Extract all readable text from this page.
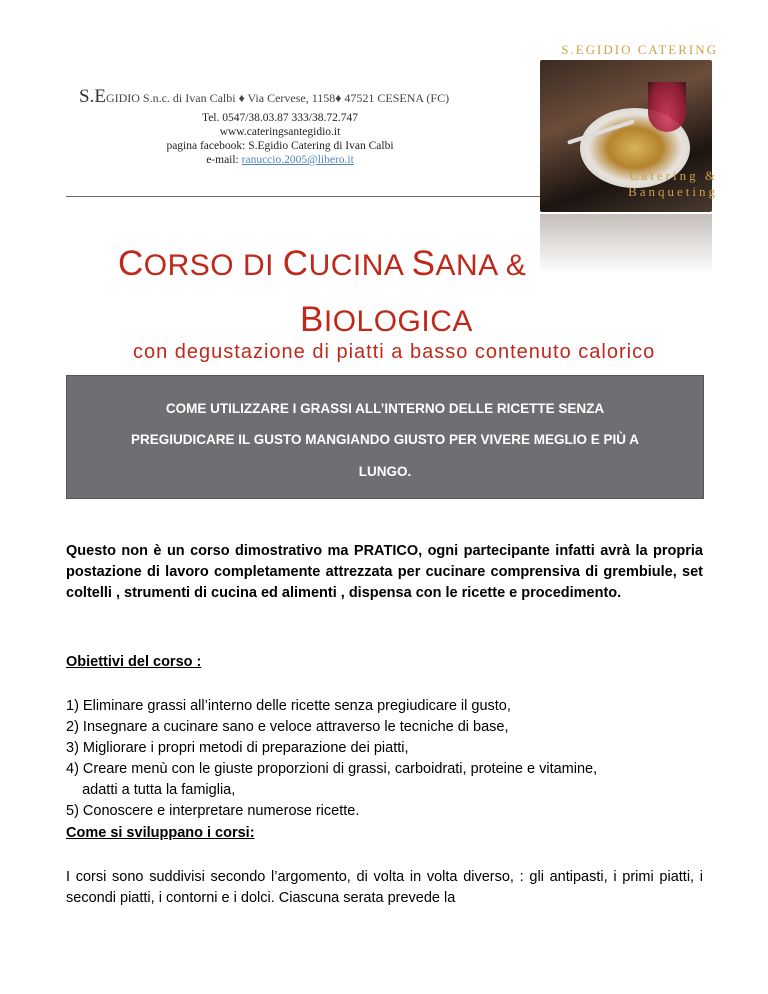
S.EGIDIO S.n.c. di Ivan Calbi ♦ Via Cervese, 1158♦ 47521 CESENA (FC)
Tel. 0547/38.03.87 333/38.72.747
www.cateringsantegidio.it
pagina facebook: S.Egidio Catering di Ivan Calbi
e-mail: ranuccio.2005@libero.it
S.EGIDIO CATERING
Catering & Banqueting
CORSO DI CUCINA SANA &
BIOLOGICA
con degustazione di piatti a basso contenuto calorico

COME UTILIZZARE I GRASSI ALL’INTERNO DELLE RICETTE SENZA

PREGIUDICARE IL GUSTO MANGIANDO GIUSTO PER VIVERE MEGLIO E PIÙ A

LUNGO.

Questo non è un corso dimostrativo ma PRATICO, ogni partecipante infatti avrà la propria postazione di lavoro completamente attrezzata per cucinare comprensiva di grembiule, set coltelli , strumenti di cucina ed alimenti , dispensa con le ricette e procedimento.
Obiettivi del corso :
1) Eliminare grassi all’interno delle ricette senza pregiudicare il gusto,
2) Insegnare a cucinare sano e veloce attraverso le tecniche di base,
3) Migliorare i propri metodi di preparazione dei piatti,
4) Creare menù con le giuste proporzioni di grassi, carboidrati, proteine e vitamine,
adatti a tutta la famiglia,
5) Conoscere e interpretare numerose ricette.
Come si sviluppano i corsi:
I corsi sono suddivisi secondo l’argomento, di volta in volta diverso, : gli antipasti, i primi piatti, i secondi piatti, i contorni e i dolci. Ciascuna serata prevede la
